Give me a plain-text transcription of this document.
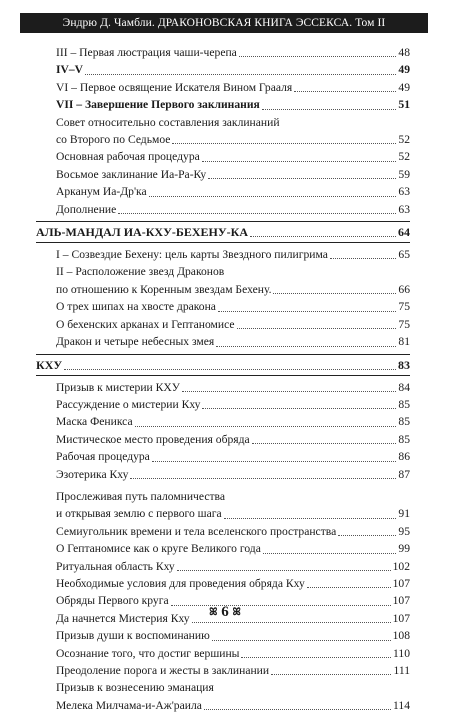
Эндрю Д. Чамбли. ДРАКОНОВСКАЯ КНИГА ЭССЕКСА. Том ІІ
III – Первая люстрация чаши-черепа	48
IV–V	49
VI – Первое освящение Искателя Вином Грааля	49
VII – Завершение Первого заклинания	51
Совет относительно составления заклинаний
со Второго по Седьмое	52
Основная рабочая процедура	52
Восьмое заклинание Иа-Ра-Ку	59
Арканум Иа-Др'ка	63
Дополнение	63
АЛЬ-МАНДАЛ ИА-КХУ-БЕХЕНУ-КА	64
I – Созвездие Бехену: цель карты Звездного пилигрима	65
II – Расположение звезд Драконов
по отношению к Коренным звездам Бехену.	66
О трех шипах на хвосте дракона	75
О бехенских арканах и Гептаномисе	75
Дракон и четыре небесных змея	81
КХУ	83
Призыв к мистерии КХУ	84
Рассуждение о мистерии Кху	85
Маска Феникса	85
Мистическое место проведения обряда	85
Рабочая процедура	86
Эзотерика Кху	87
Прослеживая путь паломничества
и открывая землю с первого шага	91
Семиугольник времени и тела вселенского пространства	95
О Гептаномисе как о круге Великого года	99
Ритуальная область Кху	102
Необходимые условия для проведения обряда Кху	107
Обряды Первого круга	107
Да начнется Мистерия Кху	107
Призыв души к воспоминанию	108
Осознание того, что достиг вершины	110
Преодоление порога и жесты в заклинании	111
Призыв к вознесению эманация
Мелека Милчама-и-Аж'раила	114
ꕤ 6 ꕤ
